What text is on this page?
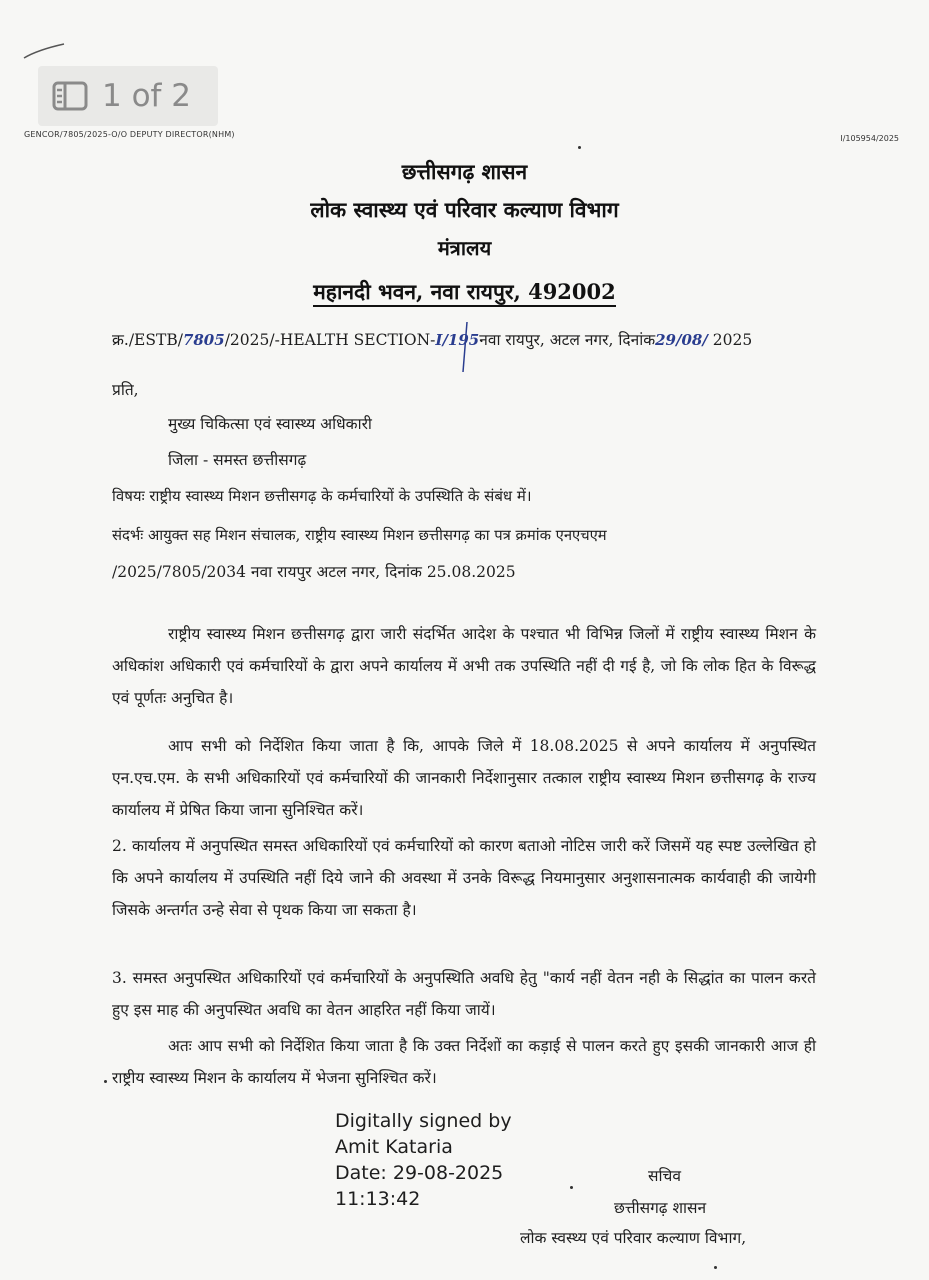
1 of 2
GENCOR/7805/2025-O/O DEPUTY DIRECTOR(NHM)	I/105954/2025
छत्तीसगढ़ शासन
लोक स्वास्थ्य एवं परिवार कल्याण विभाग
मंत्रालय
महानदी भवन, नवा रायपुर, 492002
क्र./ESTB/7805/2025/-HEALTH SECTION-I/195नवा रायपुर, अटल नगर, दिनांक29/08/ 2025
प्रति,
मुख्य चिकित्सा एवं स्वास्थ्य अधिकारी
जिला - समस्त छत्तीसगढ़
विषयः राष्ट्रीय स्वास्थ्य मिशन छत्तीसगढ़ के कर्मचारियों के उपस्थिति के संबंध में।
संदर्भः आयुक्त सह मिशन संचालक, राष्ट्रीय स्वास्थ्य मिशन छत्तीसगढ़ का पत्र क्रमांक एनएचएम
/2025/7805/2034 नवा रायपुर अटल नगर, दिनांक 25.08.2025
राष्ट्रीय स्वास्थ्य मिशन छत्तीसगढ़ द्वारा जारी संदर्भित आदेश के पश्चात भी विभिन्न जिलों में राष्ट्रीय स्वास्थ्य मिशन के अधिकांश अधिकारी एवं कर्मचारियों के द्वारा अपने कार्यालय में अभी तक उपस्थिति नहीं दी गई है, जो कि लोक हित के विरूद्ध एवं पूर्णतः अनुचित है।
आप सभी को निर्देशित किया जाता है कि, आपके जिले में 18.08.2025 से अपने कार्यालय में अनुपस्थित एन.एच.एम. के सभी अधिकारियों एवं कर्मचारियों की जानकारी निर्देशानुसार तत्काल राष्ट्रीय स्वास्थ्य मिशन छत्तीसगढ़ के राज्य कार्यालय में प्रेषित किया जाना सुनिश्चित करें।
2. कार्यालय में अनुपस्थित समस्त अधिकारियों एवं कर्मचारियों को कारण बताओ नोटिस जारी करें जिसमें यह स्पष्ट उल्लेखित हो कि अपने कार्यालय में उपस्थिति नहीं दिये जाने की अवस्था में उनके विरूद्ध नियमानुसार अनुशासनात्मक कार्यवाही की जायेगी जिसके अन्तर्गत उन्हे सेवा से पृथक किया जा सकता है।
3. समस्त अनुपस्थित अधिकारियों एवं कर्मचारियों के अनुपस्थिति अवधि हेतु "कार्य नहीं वेतन नही के सिद्धांत का पालन करते हुए इस माह की अनुपस्थित अवधि का वेतन आहरित नहीं किया जायें।
अतः आप सभी को निर्देशित किया जाता है कि उक्त निर्देशों का कड़ाई से पालन करते हुए इसकी जानकारी आज ही राष्ट्रीय स्वास्थ्य मिशन के कार्यालय में भेजना सुनिश्चित करें।
Digitally signed by
Amit Kataria
Date: 29-08-2025
11:13:42
सचिव
छत्तीसगढ़ शासन
लोक स्वस्थ्य एवं परिवार कल्याण विभाग,
